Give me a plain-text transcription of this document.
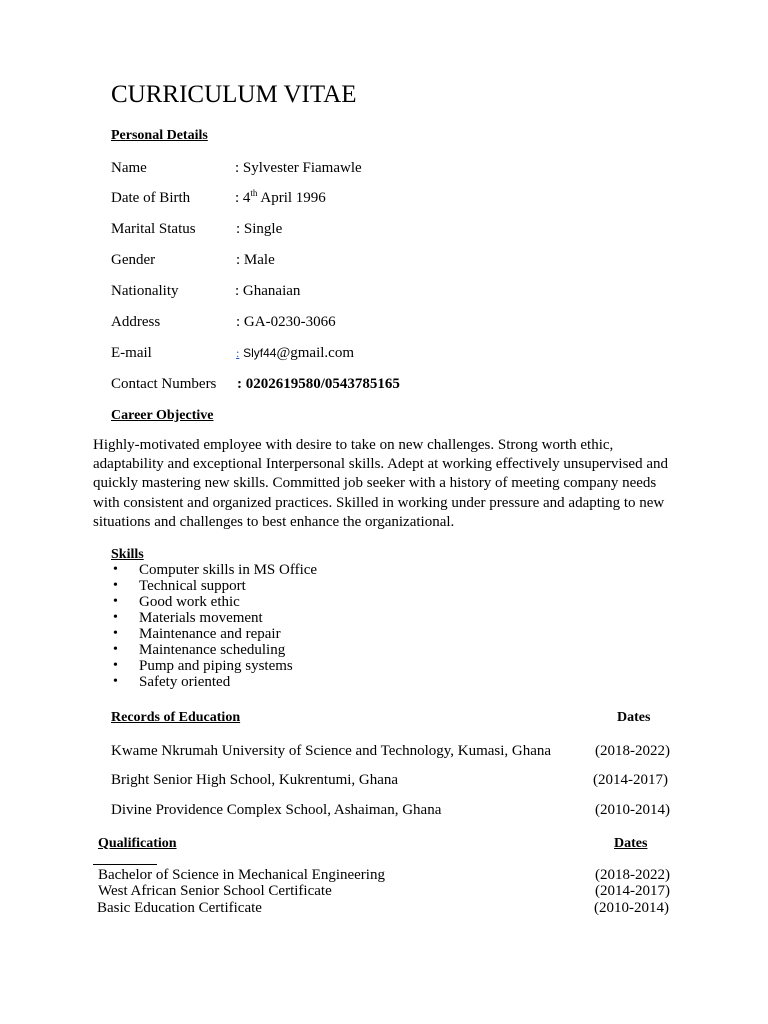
CURRICULUM VITAE
Personal Details
Name	: Sylvester Fiamawle
Date of Birth	: 4th April 1996
Marital Status	: Single
Gender	: Male
Nationality	: Ghanaian
Address	: GA-0230-3066
E-mail	: Slyf44@gmail.com
Contact Numbers : 0202619580/0543785165
Career Objective
Highly-motivated employee with desire to take on new challenges. Strong worth ethic, adaptability and exceptional Interpersonal skills. Adept at working effectively unsupervised and quickly mastering new skills. Committed job seeker with a history of meeting company needs with consistent and organized practices. Skilled in working under pressure and adapting to new situations and challenges to best enhance the organizational.
Skills
• Computer skills in MS Office
• Technical support
• Good work ethic
• Materials movement
• Maintenance and repair
• Maintenance scheduling
• Pump and piping systems
• Safety oriented
Records of Education	Dates
Kwame Nkrumah University of Science and Technology, Kumasi, Ghana	(2018-2022)
Bright Senior High School, Kukrentumi, Ghana	(2014-2017)
Divine Providence Complex School, Ashaiman, Ghana	(2010-2014)
Qualification	Dates
Bachelor of Science in Mechanical Engineering	(2018-2022)
West African Senior School Certificate	(2014-2017)
Basic Education Certificate	(2010-2014)
